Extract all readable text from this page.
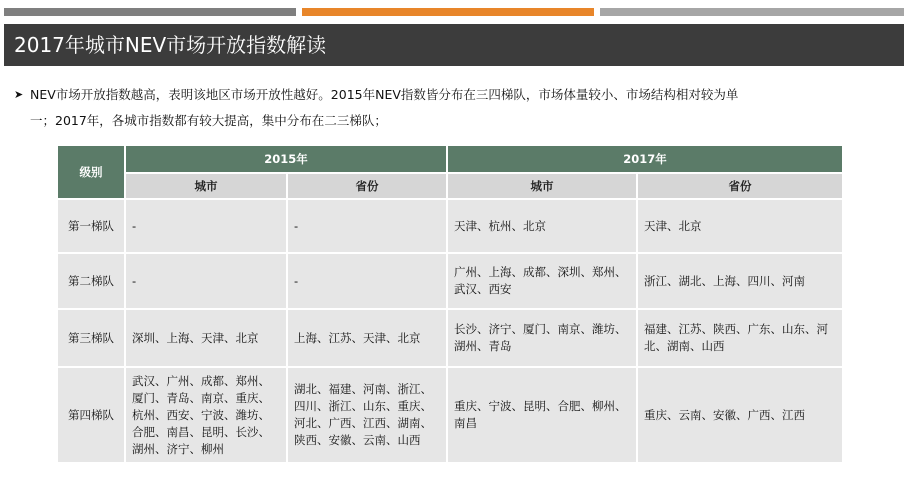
2017年城市NEV市场开放指数解读
➤ NEV市场开放指数越高，表明该地区市场开放性越好。2015年NEV指数皆分布在三四梯队，市场体量较小、市场结构相对较为单
一；2017年，各城市指数都有较大提高，集中分布在二三梯队；
级别	2015年		2017年	
	城市	省份	城市	省份
第一梯队	-	-	天津、杭州、北京	天津、北京
第二梯队	-	-	广州、上海、成都、深圳、郑州、武汉、西安	浙江、湖北、上海、四川、河南
第三梯队	深圳、上海、天津、北京	上海、江苏、天津、北京	长沙、济宁、厦门、南京、潍坊、湖州、青岛	福建、江苏、陕西、广东、山东、河北、湖南、山西
第四梯队	武汉、广州、成都、郑州、厦门、青岛、南京、重庆、杭州、西安、宁波、潍坊、合肥、南昌、昆明、长沙、湖州、济宁、柳州	湖北、福建、河南、浙江、四川、浙江、山东、重庆、河北、广西、江西、湖南、陕西、安徽、云南、山西	重庆、宁波、昆明、合肥、柳州、南昌	重庆、云南、安徽、广西、江西
